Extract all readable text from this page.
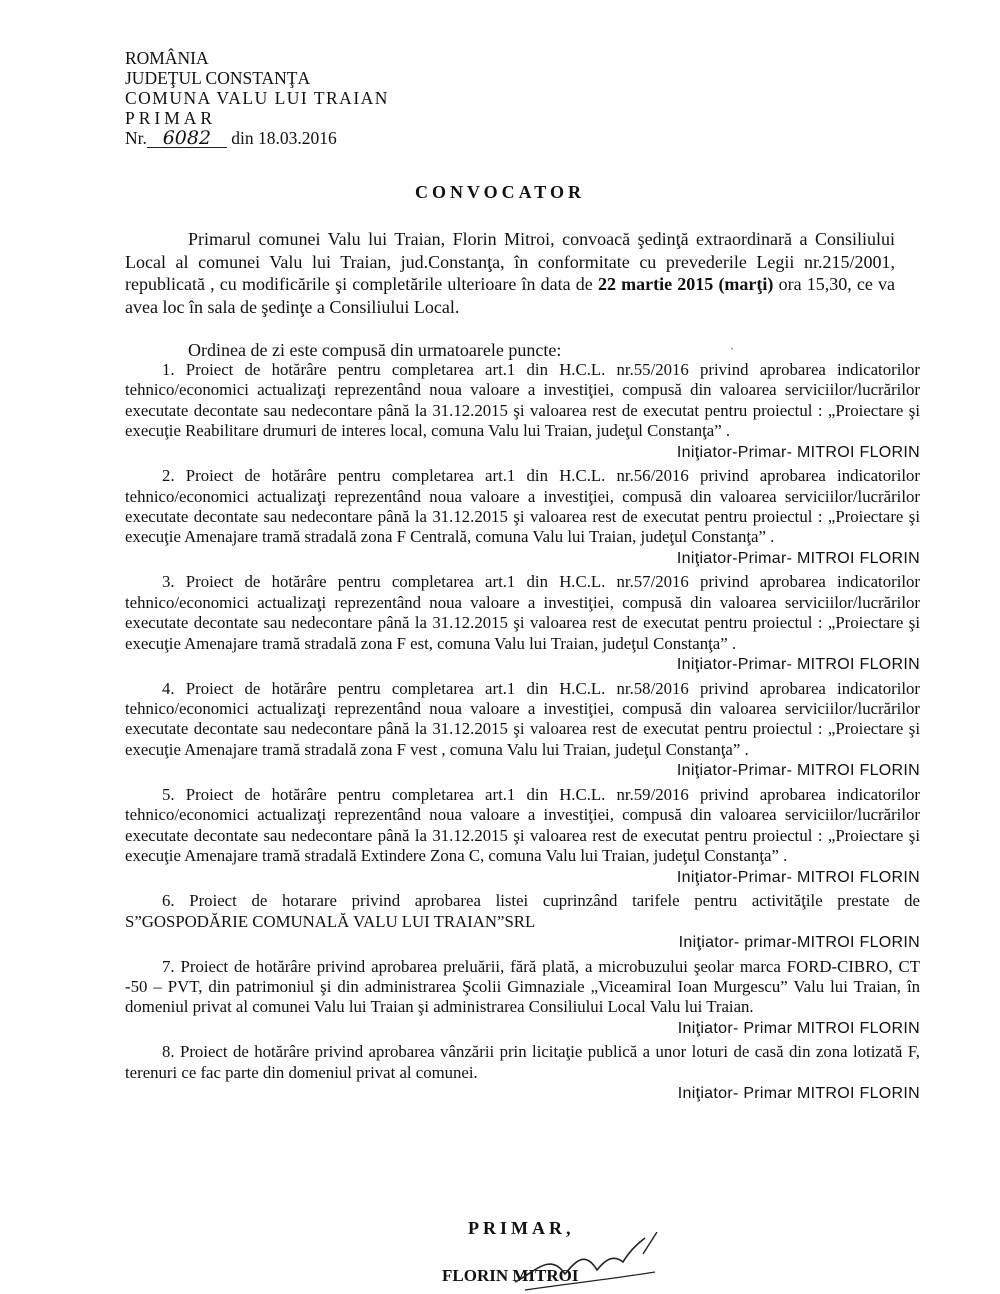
ROMÂNIA
JUDEŢUL CONSTANŢA
COMUNA VALU LUI TRAIAN
PRIMAR
Nr. 6082 din 18.03.2016
CONVOCATOR

Primarul comunei Valu lui Traian, Florin Mitroi, convoacă şedinţă extraordinară a Consiliului Local al comunei Valu lui Traian, jud.Constanţa, în conformitate cu prevederile Legii nr.215/2001, republicată , cu modificările şi completările ulterioare în data de 22 martie 2015 (marţi) ora 15,30, ce va avea loc în sala de şedinţe a Consiliului Local.

Ordinea de zi este compusă din urmatoarele puncte:	`

1. Proiect de hotărâre pentru completarea art.1 din H.C.L. nr.55/2016 privind aprobarea indicatorilor tehnico/economici actualizaţi reprezentând noua valoare a investiţiei, compusă din valoarea serviciilor/lucrărilor executate decontate sau nedecontare până la 31.12.2015 şi valoarea rest de executat pentru proiectul : „Proiectare şi execuţie Reabilitare drumuri de interes local, comuna Valu lui Traian, judeţul Constanţa” .

Iniţiator-Primar- MITROI FLORIN

2. Proiect de hotărâre pentru completarea art.1 din H.C.L. nr.56/2016 privind aprobarea indicatorilor tehnico/economici actualizaţi reprezentând noua valoare a investiţiei, compusă din valoarea serviciilor/lucrărilor executate decontate sau nedecontare până la 31.12.2015 şi valoarea rest de executat pentru proiectul : „Proiectare şi execuţie Amenajare tramă stradală zona F Centrală, comuna Valu lui Traian, judeţul Constanţa” .

Iniţiator-Primar- MITROI FLORIN

3. Proiect de hotărâre pentru completarea art.1 din H.C.L. nr.57/2016 privind aprobarea indicatorilor tehnico/economici actualizaţi reprezentând noua valoare a investiţiei, compusă din valoarea serviciilor/lucrărilor executate decontate sau nedecontare până la 31.12.2015 şi valoarea rest de executat pentru proiectul : „Proiectare şi execuţie Amenajare tramă stradală zona F est, comuna Valu lui Traian, judeţul Constanţa” .

Iniţiator-Primar- MITROI FLORIN

4. Proiect de hotărâre pentru completarea art.1 din H.C.L. nr.58/2016 privind aprobarea indicatorilor tehnico/economici actualizaţi reprezentând noua valoare a investiţiei, compusă din valoarea serviciilor/lucrărilor executate decontate sau nedecontare până la 31.12.2015 şi valoarea rest de executat pentru proiectul : „Proiectare şi execuţie Amenajare tramă stradală zona F vest , comuna Valu lui Traian, judeţul Constanţa” .

Iniţiator-Primar- MITROI FLORIN

5. Proiect de hotărâre pentru completarea art.1 din H.C.L. nr.59/2016 privind aprobarea indicatorilor tehnico/economici actualizaţi reprezentând noua valoare a investiţiei, compusă din valoarea serviciilor/lucrărilor executate decontate sau nedecontare până la 31.12.2015 şi valoarea rest de executat pentru proiectul : „Proiectare şi execuţie Amenajare tramă stradală Extindere Zona C, comuna Valu lui Traian, judeţul Constanţa” .

Iniţiator-Primar- MITROI FLORIN

6. Proiect de hotarare privind aprobarea listei cuprinzând tarifele pentru activităţile prestate de S”GOSPODĂRIE COMUNALĂ VALU LUI TRAIAN”SRL

Iniţiator- primar-MITROI FLORIN

7. Proiect de hotărâre privind aprobarea preluării, fără plată, a microbuzului şeolar marca FORD-CIBRO, CT -50 – PVT, din patrimoniul şi din administrarea Şcolii Gimnaziale „Viceamiral Ioan Murgescu” Valu lui Traian, în domeniul privat al comunei Valu lui Traian şi administrarea Consiliului Local Valu lui Traian.

Iniţiator- Primar MITROI FLORIN

8. Proiect de hotărâre privind aprobarea vânzării prin licitaţie publică a unor loturi de casă din zona lotizată F, terenuri ce fac parte din domeniul privat al comunei.

Iniţiator- Primar MITROI FLORIN
PRIMAR,
FLORIN MITROI
